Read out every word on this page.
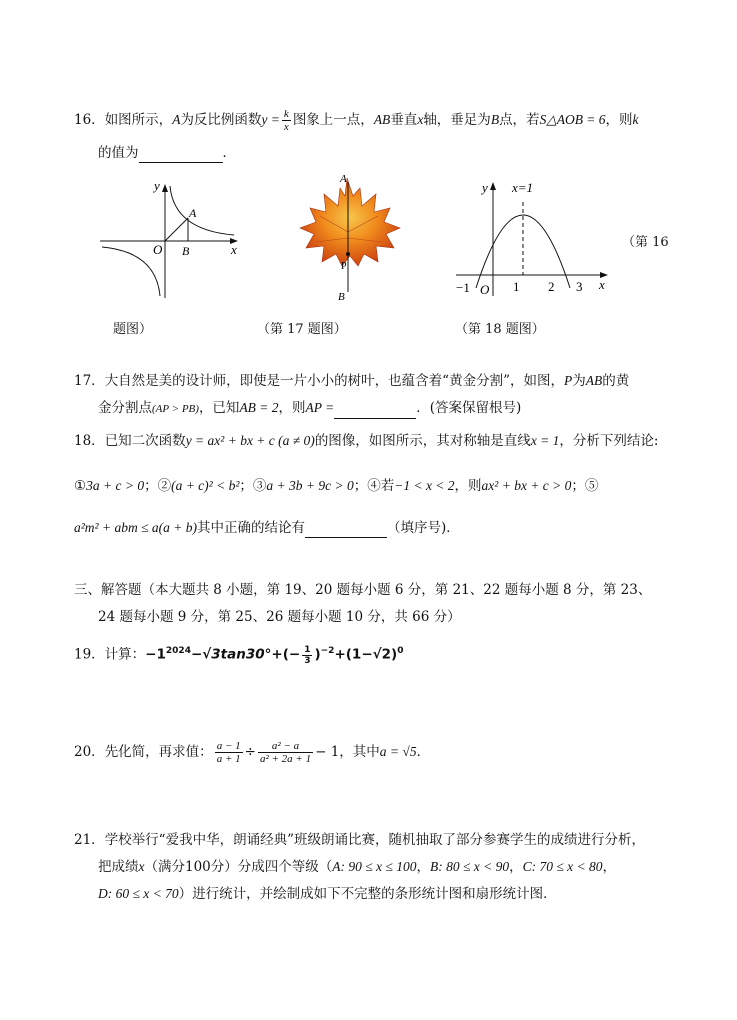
16．如图所示，A为反比例函数$y = \frac{k}{x}$ 图象上一点，AB垂直x轴，垂足为B点，若S△AOB = 6，则k
的值为	．
y
x
O
A
B
A
P
B
y x=1
x
−1 O 1 2 3
（第 16
题图）	（第 17 题图）	（第 18 题图）
17．大自然是美的设计师，即使是一片小小的树叶，也蕴含着“黄金分割”，如图，P为AB的黄
金分割点(AP > PB)，已知AB = 2，则AP =	．(答案保留根号)
18．已知二次函数y = ax² + bx + c (a ≠ 0)的图像，如图所示，其对称轴是直线x = 1，分析下列结论:
①3a + c > 0；②(a + c)² < b²；③a + 3b + 9c > 0；④若−1 < x < 2，则ax² + bx + c > 0；⑤
a²m² + abm ≤ a(a + b)其中正确的结论有	（填序号)．
三、解答题（本大题共 8 小题，第 19、20 题每小题 6 分，第 21、22 题每小题 8 分，第 23、
24 题每小题 9 分，第 25、26 题每小题 10 分，共 66 分）
19．计算：$-1^{2024}-√3\tan 30^\circ+(- \frac{1}{3} )^{-2}+(1-√2)^0$
20．先化简，再求值： $\frac{a - 1}{a + 1} \div \frac{\text{a² − a}}{\text{a² + 2a + 1}} - 1$，其中a = √5．
21．学校举行“爱我中华，朗诵经典”班级朗诵比赛，随机抽取了部分参赛学生的成绩进行分析，
把成绩x（满分100分）分成四个等级（A: 90 ≤ x ≤ 100，B: 80 ≤ x < 90，C: 70 ≤ x < 80，
D: 60 ≤ x < 70）进行统计，并绘制成如下不完整的条形统计图和扇形统计图．
